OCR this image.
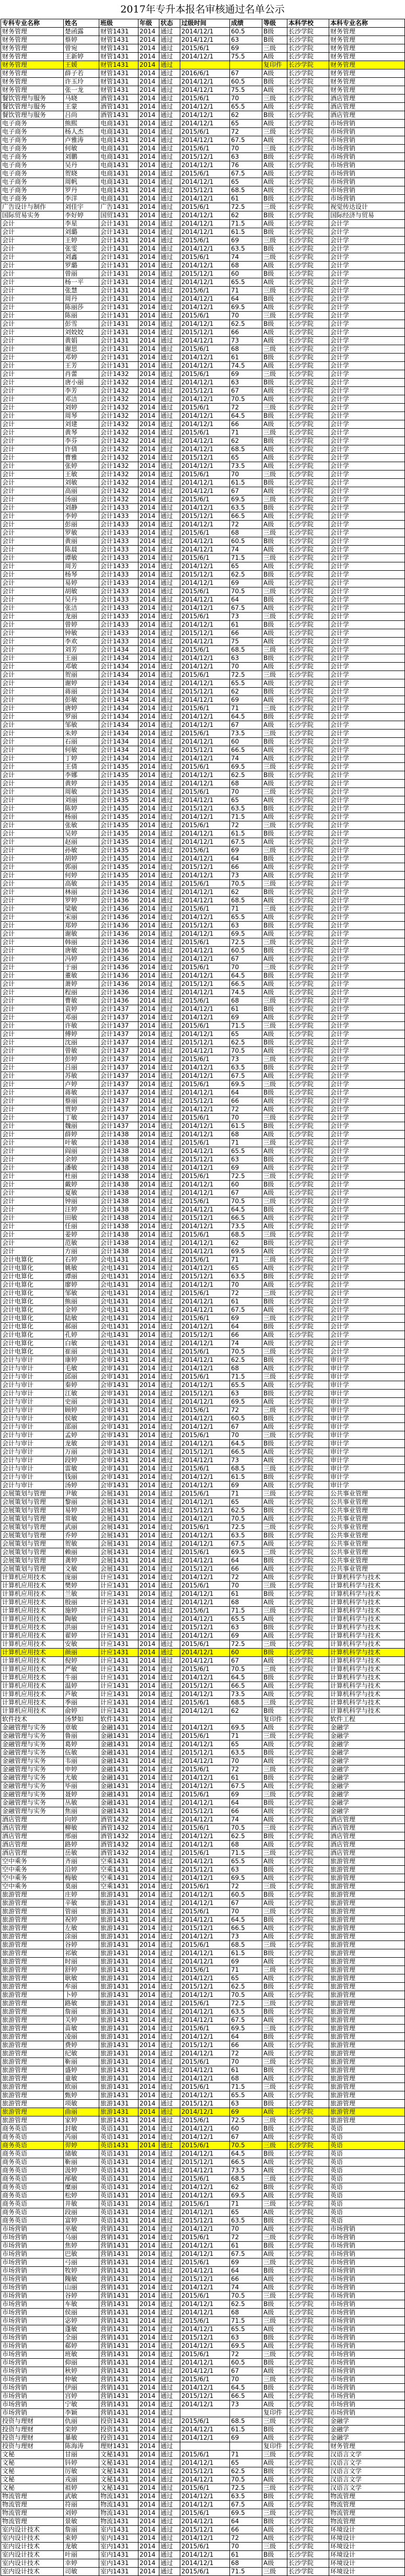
2017年专升本报名审核通过名单公示
专科专业名称	姓名	班级	年级	状态	过级时间	成绩	等级	本科学校	本科专业名称
财务管理	楚函露	财管1431	2014	通过	2014/12/1	60.5	B级	长沙学院	财务管理
财务管理	蔡婷	财管1431	2014	通过	2014/12/1	63	B级	长沙学院	财务管理
财务管理	曾宛	财管1431	2014	通过	2015/6/1	69	三级	长沙学院	财务管理
财务管理	王新婷	财管1431	2014	通过	2014/12/1	75.5	A级	长沙学院	财务管理
财务管理	王媛	财管1431	2014	通过			复印件	长沙学院	财务管理
财务管理	薛子若	财管1431	2014	通过	2016/6/1	67	A级	长沙学院	财务管理
财务管理	许玉玲	财管1431	2014	通过	2014/12/1	60.5	B级	长沙学院	财务管理
财务管理	张一龙	财管1431	2014	通过	2014/12/1	75.5	A级	长沙学院	财务管理
餐饮管理与服务	马晓	酒管1431	2014	通过	2015/6/1	70	三级	长沙学院	酒店管理
餐饮管理与服务	王蒙	酒管1431	2014	通过	2014/12/1	65.5	A级	长沙学院	酒店管理
餐饮管理与服务	吕尚	酒管1431	2014	通过	2014/12/1	62	B级	长沙学院	酒店管理
电子商务	熊熙	电商1431	2014	通过	2014/12/1	65	A级	长沙学院	市场营销
电子商务	杨人杰	电商1431	2014	通过	2015/6/1	72	三级	长沙学院	市场营销
电子商务	卢雅涛	电商1431	2014	通过	2014/12/1	67.5	A级	长沙学院	市场营销
电子商务	何敏	电商1431	2014	通过	2015/6/1	70	三级	长沙学院	市场营销
电子商务	刘鹏	电商1431	2014	通过	2015/12/1	63	B级	长沙学院	市场营销
电子商务	吴丹	电商1431	2014	通过	2014/12/1	76	A级	长沙学院	市场营销
电子商务	贺晓	电商1431	2014	通过	2015/6/1	67.5	A级	长沙学院	市场营销
电子商务	周帆	电商1431	2014	通过	2014/12/1	65	A级	长沙学院	市场营销
电子商务	罗丹	电商1431	2014	通过	2015/12/1	68.5	A级	长沙学院	市场营销
电子商务	李洋	电商1431	2014	通过	2014/12/1	61	B级	长沙学院	市场营销
广告设计与制作	刘佳宇	广告1431	2014	通过	2015/6/1	72.5	三级	长沙学院	视觉传达设计
国际贸易实务	李好婷	国贸1431	2014	通过	2014/12/1	62	B级	长沙学院	国际经济与贸易
会计	李星	会计1431	2014	通过	2014/12/1	71.5	A级	长沙学院	会计学
会计	刘璐	会计1431	2014	通过	2014/12/1	61.5	B级	长沙学院	会计学
会计	王婷	会计1431	2014	通过	2015/6/1	69	三级	长沙学院	会计学
会计	张雯	会计1431	2014	通过	2014/12/1	63.5	B级	长沙学院	会计学
会计	刘鑫	会计1431	2014	通过	2015/6/1	74	三级	长沙学院	会计学
会计	罗璐	会计1431	2014	通过	2014/12/1	68	A级	长沙学院	会计学
会计	曾丽	会计1431	2014	通过	2015/12/1	60	B级	长沙学院	会计学
会计	杨一平	会计1431	2014	通过	2014/12/1	65.5	A级	长沙学院	会计学
会计	张慧	会计1431	2014	通过	2015/6/1	71	三级	长沙学院	会计学
会计	周丹	会计1431	2014	通过	2014/12/1	64	B级	长沙学院	会计学
会计	陈丽莎	会计1431	2014	通过	2014/12/1	69.5	A级	长沙学院	会计学
会计	陈丽	会计1431	2014	通过	2015/6/1	70	三级	长沙学院	会计学
会计	彭雪	会计1431	2014	通过	2014/12/1	62.5	B级	长沙学院	会计学
会计	刘姣姣	会计1431	2014	通过	2015/12/1	66	A级	长沙学院	会计学
会计	黄娟	会计1431	2014	通过	2014/12/1	73	A级	长沙学院	会计学
会计	谢思	会计1431	2014	通过	2015/6/1	68	三级	长沙学院	会计学
会计	邓婷	会计1431	2014	通过	2014/12/1	61	B级	长沙学院	会计学
会计	王芳	会计1431	2014	通过	2014/12/1	74.5	A级	长沙学院	会计学
会计	肖蕾	会计1432	2014	通过	2015/6/1	69	三级	长沙学院	会计学
会计	唐小丽	会计1432	2014	通过	2014/12/1	63	B级	长沙学院	会计学
会计	李芳	会计1432	2014	通过	2015/12/1	67	A级	长沙学院	会计学
会计	邓洁	会计1432	2014	通过	2014/12/1	70.5	A级	长沙学院	会计学
会计	刘婷	会计1432	2014	通过	2015/6/1	72	三级	长沙学院	会计学
会计	周琴	会计1432	2014	通过	2014/12/1	64.5	B级	长沙学院	会计学
会计	刘建	会计1432	2014	通过	2014/12/1	66	A级	长沙学院	会计学
会计	黄琴	会计1432	2014	通过	2015/6/1	71	三级	长沙学院	会计学
会计	李芬	会计1432	2014	通过	2014/12/1	62	B级	长沙学院	会计学
会计	许倩	会计1432	2014	通过	2014/12/1	68.5	A级	长沙学院	会计学
会计	曹雅	会计1432	2014	通过	2015/12/1	65	A级	长沙学院	会计学
会计	张婷	会计1432	2014	通过	2014/12/1	73.5	A级	长沙学院	会计学
会计	王敏	会计1432	2014	通过	2015/6/1	70	三级	长沙学院	会计学
会计	刘敏	会计1432	2014	通过	2014/12/1	61.5	B级	长沙学院	会计学
会计	高丽	会计1432	2014	通过	2014/12/1	67	A级	长沙学院	会计学
会计	汤丽	会计1432	2014	通过	2015/6/1	69.5	三级	长沙学院	会计学
会计	刘静	会计1433	2014	通过	2014/12/1	63.5	B级	长沙学院	会计学
会计	李婷	会计1433	2014	通过	2015/12/1	66.5	A级	长沙学院	会计学
会计	彭丽	会计1433	2014	通过	2014/12/1	72	A级	长沙学院	会计学
会计	罗敏	会计1433	2014	通过	2015/6/1	68	三级	长沙学院	会计学
会计	黄丽	会计1433	2014	通过	2014/12/1	60.5	B级	长沙学院	会计学
会计	陈晨	会计1433	2014	通过	2014/12/1	74	A级	长沙学院	会计学
会计	谭敏	会计1433	2014	通过	2015/6/1	71.5	三级	长沙学院	会计学
会计	周芳	会计1433	2014	通过	2014/12/1	65	A级	长沙学院	会计学
会计	杨琴	会计1433	2014	通过	2015/12/1	62.5	B级	长沙学院	会计学
会计	易婷	会计1433	2014	通过	2014/12/1	69	A级	长沙学院	会计学
会计	胡敏	会计1433	2014	通过	2015/6/1	70.5	三级	长沙学院	会计学
会计	吴丹	会计1433	2014	通过	2014/12/1	64	B级	长沙学院	会计学
会计	张洁	会计1433	2014	通过	2014/12/1	67.5	A级	长沙学院	会计学
会计	龙丽	会计1433	2014	通过	2015/6/1	73	三级	长沙学院	会计学
会计	曾婷	会计1433	2014	通过	2014/12/1	61	B级	长沙学院	会计学
会计	钟敏	会计1433	2014	通过	2015/12/1	66	A级	长沙学院	会计学
会计	李欢	会计1433	2014	通过	2014/12/1	75	A级	长沙学院	会计学
会计	刘芳	会计1434	2014	通过	2015/6/1	68.5	三级	长沙学院	会计学
会计	王丽	会计1434	2014	通过	2014/12/1	63	B级	长沙学院	会计学
会计	邓敏	会计1434	2014	通过	2014/12/1	70	A级	长沙学院	会计学
会计	贺丽	会计1434	2014	通过	2015/6/1	72.5	三级	长沙学院	会计学
会计	谢婷	会计1434	2014	通过	2014/12/1	65.5	A级	长沙学院	会计学
会计	蒋丽	会计1434	2014	通过	2015/12/1	62	B级	长沙学院	会计学
会计	彭敏	会计1434	2014	通过	2014/12/1	69	A级	长沙学院	会计学
会计	唐婷	会计1434	2014	通过	2015/6/1	71	三级	长沙学院	会计学
会计	罗丽	会计1434	2014	通过	2014/12/1	64.5	B级	长沙学院	会计学
会计	邹敏	会计1434	2014	通过	2014/12/1	67	A级	长沙学院	会计学
会计	朱婷	会计1434	2014	通过	2015/6/1	73.5	三级	长沙学院	会计学
会计	石丽	会计1434	2014	通过	2014/12/1	60	B级	长沙学院	会计学
会计	何敏	会计1434	2014	通过	2015/12/1	66.5	A级	长沙学院	会计学
会计	丁婷	会计1434	2014	通过	2014/12/1	74	A级	长沙学院	会计学
会计	王倩	会计1435	2014	通过	2015/6/1	69.5	三级	长沙学院	会计学
会计	李娜	会计1435	2014	通过	2014/12/1	62.5	B级	长沙学院	会计学
会计	黄婷	会计1435	2014	通过	2014/12/1	68	A级	长沙学院	会计学
会计	周敏	会计1435	2014	通过	2015/6/1	70	三级	长沙学院	会计学
会计	刘丽	会计1435	2014	通过	2014/12/1	65	A级	长沙学院	会计学
会计	陈婷	会计1435	2014	通过	2015/12/1	63.5	B级	长沙学院	会计学
会计	杨丽	会计1435	2014	通过	2014/12/1	71.5	A级	长沙学院	会计学
会计	张敏	会计1435	2014	通过	2015/6/1	72	三级	长沙学院	会计学
会计	吴婷	会计1435	2014	通过	2014/12/1	61.5	B级	长沙学院	会计学
会计	赵丽	会计1435	2014	通过	2014/12/1	67.5	A级	长沙学院	会计学
会计	孙敏	会计1435	2014	通过	2015/6/1	69	三级	长沙学院	会计学
会计	胡婷	会计1435	2014	通过	2014/12/1	64	B级	长沙学院	会计学
会计	郭丽	会计1435	2014	通过	2015/12/1	66	A级	长沙学院	会计学
会计	何婷	会计1435	2014	通过	2014/12/1	73	A级	长沙学院	会计学
会计	高敏	会计1435	2014	通过	2015/6/1	70.5	三级	长沙学院	会计学
会计	林丽	会计1436	2014	通过	2014/12/1	62	B级	长沙学院	会计学
会计	罗婷	会计1436	2014	通过	2014/12/1	68.5	A级	长沙学院	会计学
会计	梁敏	会计1436	2014	通过	2015/6/1	71	三级	长沙学院	会计学
会计	宋丽	会计1436	2014	通过	2014/12/1	65.5	A级	长沙学院	会计学
会计	郑婷	会计1436	2014	通过	2015/12/1	63	B级	长沙学院	会计学
会计	谢敏	会计1436	2014	通过	2014/12/1	69.5	A级	长沙学院	会计学
会计	韩丽	会计1436	2014	通过	2015/6/1	72.5	三级	长沙学院	会计学
会计	唐敏	会计1436	2014	通过	2014/12/1	60.5	B级	长沙学院	会计学
会计	冯婷	会计1436	2014	通过	2014/12/1	67	A级	长沙学院	会计学
会计	于丽	会计1436	2014	通过	2015/6/1	70	三级	长沙学院	会计学
会计	董敏	会计1436	2014	通过	2014/12/1	64.5	B级	长沙学院	会计学
会计	萧婷	会计1436	2014	通过	2015/12/1	66.5	A级	长沙学院	会计学
会计	程丽	会计1436	2014	通过	2014/12/1	74.5	A级	长沙学院	会计学
会计	曹敏	会计1436	2014	通过	2015/6/1	68	三级	长沙学院	会计学
会计	袁婷	会计1437	2014	通过	2014/12/1	61	B级	长沙学院	会计学
会计	邓丽	会计1437	2014	通过	2014/12/1	69	A级	长沙学院	会计学
会计	许敏	会计1437	2014	通过	2015/6/1	71.5	三级	长沙学院	会计学
会计	傅婷	会计1437	2014	通过	2014/12/1	65	A级	长沙学院	会计学
会计	沈丽	会计1437	2014	通过	2015/12/1	62.5	B级	长沙学院	会计学
会计	曾敏	会计1437	2014	通过	2014/12/1	70.5	A级	长沙学院	会计学
会计	彭婷	会计1437	2014	通过	2015/6/1	73	三级	长沙学院	会计学
会计	吕丽	会计1437	2014	通过	2014/12/1	63.5	B级	长沙学院	会计学
会计	苏敏	会计1437	2014	通过	2014/12/1	67.5	A级	长沙学院	会计学
会计	卢婷	会计1437	2014	通过	2015/6/1	69.5	三级	长沙学院	会计学
会计	蒋敏	会计1437	2014	通过	2014/12/1	64	B级	长沙学院	会计学
会计	蔡丽	会计1437	2014	通过	2015/12/1	66	A级	长沙学院	会计学
会计	贾婷	会计1437	2014	通过	2014/12/1	72	A级	长沙学院	会计学
会计	丁敏	会计1437	2014	通过	2015/6/1	70	三级	长沙学院	会计学
会计	魏丽	会计1437	2014	通过	2014/12/1	61.5	B级	长沙学院	会计学
会计	薛婷	会计1438	2014	通过	2014/12/1	68	A级	长沙学院	会计学
会计	叶敏	会计1438	2014	通过	2015/6/1	71	三级	长沙学院	会计学
会计	阎丽	会计1438	2014	通过	2014/12/1	65.5	A级	长沙学院	会计学
会计	余婷	会计1438	2014	通过	2015/12/1	63	B级	长沙学院	会计学
会计	潘敏	会计1438	2014	通过	2014/12/1	69	A级	长沙学院	会计学
会计	杜丽	会计1438	2014	通过	2015/6/1	72.5	三级	长沙学院	会计学
会计	戴婷	会计1438	2014	通过	2014/12/1	60	B级	长沙学院	会计学
会计	夏敏	会计1438	2014	通过	2014/12/1	67	A级	长沙学院	会计学
会计	钟丽	会计1438	2014	通过	2015/6/1	70.5	三级	长沙学院	会计学
会计	汪婷	会计1438	2014	通过	2014/12/1	64.5	B级	长沙学院	会计学
会计	田敏	会计1438	2014	通过	2015/12/1	66.5	A级	长沙学院	会计学
会计	任丽	会计1438	2014	通过	2014/12/1	73.5	A级	长沙学院	会计学
会计	姜婷	会计1438	2014	通过	2015/6/1	68.5	三级	长沙学院	会计学
会计	范敏	会计1438	2014	通过	2014/12/1	62	B级	长沙学院	会计学
会计	方丽	会计1438	2014	通过	2014/12/1	69.5	A级	长沙学院	会计学
会计电算化	石婷	会电1431	2014	通过	2015/6/1	71	三级	长沙学院	会计学
会计电算化	姚敏	会电1431	2014	通过	2014/12/1	65	A级	长沙学院	会计学
会计电算化	谭丽	会电1431	2014	通过	2015/12/1	63.5	B级	长沙学院	会计学
会计电算化	廖婷	会电1431	2014	通过	2014/12/1	70	A级	长沙学院	会计学
会计电算化	邹敏	会电1431	2014	通过	2015/6/1	72	三级	长沙学院	会计学
会计电算化	熊丽	会电1431	2014	通过	2014/12/1	61	B级	长沙学院	会计学
会计电算化	金婷	会电1431	2014	通过	2014/12/1	67.5	A级	长沙学院	会计学
会计电算化	陆敏	会电1431	2014	通过	2015/6/1	69	三级	长沙学院	会计学
会计电算化	郝丽	会电1431	2014	通过	2014/12/1	64	B级	长沙学院	会计学
会计电算化	孔婷	会电1431	2014	通过	2015/12/1	66	A级	长沙学院	会计学
会计电算化	白敏	会电1431	2014	通过	2014/12/1	74	A级	长沙学院	会计学
会计电算化	崔丽	会电1431	2014	通过	2015/6/1	70.5	三级	长沙学院	会计学
会计与审计	康婷	会审1431	2014	通过	2014/12/1	62.5	B级	长沙学院	审计学
会计与审计	毛敏	会审1431	2014	通过	2014/12/1	68	A级	长沙学院	审计学
会计与审计	邱丽	会审1431	2014	通过	2015/6/1	71.5	三级	长沙学院	审计学
会计与审计	秦婷	会审1431	2014	通过	2014/12/1	65.5	A级	长沙学院	审计学
会计与审计	江敏	会审1431	2014	通过	2015/12/1	63	B级	长沙学院	审计学
会计与审计	史丽	会审1431	2014	通过	2014/12/1	69.5	A级	长沙学院	审计学
会计与审计	顾婷	会审1431	2014	通过	2015/6/1	72	三级	长沙学院	审计学
会计与审计	侯敏	会审1431	2014	通过	2014/12/1	60.5	B级	长沙学院	审计学
会计与审计	邵丽	会审1431	2014	通过	2014/12/1	67	A级	长沙学院	审计学
会计与审计	孟婷	会审1431	2014	通过	2015/6/1	70	三级	长沙学院	审计学
会计与审计	龙敏	会审1431	2014	通过	2014/12/1	64.5	B级	长沙学院	审计学
会计与审计	万丽	会审1431	2014	通过	2015/12/1	66.5	A级	长沙学院	审计学
会计与审计	段婷	会审1431	2014	通过	2014/12/1	73	A级	长沙学院	审计学
会计与审计	雷敏	会审1431	2014	通过	2015/6/1	68.5	三级	长沙学院	审计学
会计与审计	钱丽	会审1431	2014	通过	2014/12/1	61.5	B级	长沙学院	审计学
会计与审计	汤婷	会审1431	2014	通过	2014/12/1	69	A级	长沙学院	审计学
会展策划与管理	尹敏	会展1431	2014	通过	2015/6/1	71	三级	长沙学院	公共事业管理
会展策划与管理	黎丽	会展1431	2014	通过	2014/12/1	65	A级	长沙学院	公共事业管理
会展策划与管理	易婷	会展1431	2014	通过	2015/12/1	62.5	B级	长沙学院	公共事业管理
会展策划与管理	常敏	会展1431	2014	通过	2014/12/1	70.5	A级	长沙学院	公共事业管理
会展策划与管理	武丽	会展1431	2014	通过	2015/6/1	72.5	三级	长沙学院	公共事业管理
会展策划与管理	乔婷	会展1431	2014	通过	2014/12/1	63.5	B级	长沙学院	公共事业管理
会展策划与管理	贺敏	会展1431	2014	通过	2014/12/1	67.5	A级	长沙学院	公共事业管理
会展策划与管理	赖丽	会展1431	2014	通过	2015/6/1	69.5	三级	长沙学院	公共事业管理
会展策划与管理	龚婷	会展1431	2014	通过	2014/12/1	64	B级	长沙学院	公共事业管理
会展策划与管理	文敏	会展1431	2014	通过	2015/12/1	66	A级	长沙学院	公共事业管理
计算机应用技术	庞丽	计应1431	2014	通过	2014/12/1	72	A级	长沙学院	计算机科学与技术
计算机应用技术	樊婷	计应1431	2014	通过	2015/6/1	70	三级	长沙学院	计算机科学与技术
计算机应用技术	兰敏	计应1431	2014	通过	2014/12/1	61	B级	长沙学院	计算机科学与技术
计算机应用技术	殷丽	计应1431	2014	通过	2014/12/1	68	A级	长沙学院	计算机科学与技术
计算机应用技术	施婷	计应1431	2014	通过	2015/6/1	71.5	三级	长沙学院	计算机科学与技术
计算机应用技术	陶敏	计应1431	2014	通过	2014/12/1	65.5	A级	长沙学院	计算机科学与技术
计算机应用技术	洪丽	计应1431	2014	通过	2015/12/1	63	B级	长沙学院	计算机科学与技术
计算机应用技术	翟婷	计应1431	2014	通过	2014/12/1	69	A级	长沙学院	计算机科学与技术
计算机应用技术	安敏	计应1431	2014	通过	2015/6/1	72.5	三级	长沙学院	计算机科学与技术
计算机应用技术	颜丽	计应1431	2014	通过	2014/12/1	60	B级	长沙学院	计算机科学与技术
计算机应用技术	倪婷	计应1431	2014	通过	2014/12/1	67	A级	长沙学院	计算机科学与技术
计算机应用技术	严敏	计应1431	2014	通过	2015/6/1	70.5	三级	长沙学院	计算机科学与技术
计算机应用技术	牛丽	计应1431	2014	通过	2014/12/1	64.5	B级	长沙学院	计算机科学与技术
计算机应用技术	温婷	计应1431	2014	通过	2015/12/1	66.5	A级	长沙学院	计算机科学与技术
计算机应用技术	芦敏	计应1431	2014	通过	2014/12/1	73.5	A级	长沙学院	计算机科学与技术
计算机应用技术	季丽	计应1431	2014	通过	2015/6/1	68.5	三级	长沙学院	计算机科学与技术
计算机应用技术	俞婷	计应1431	2014	通过	2014/12/1	62	B级	长沙学院	计算机科学与技术
软件技术	汤梦如	软件1431	2014	通过			复印件	长沙学院	软件工程
金融管理与实务	章敏	金融1431	2014	通过	2014/12/1	69.5	A级	长沙学院	金融学
金融管理与实务	鲁丽	金融1431	2014	通过	2015/6/1	71	三级	长沙学院	金融学
金融管理与实务	葛婷	金融1431	2014	通过	2014/12/1	65	A级	长沙学院	金融学
金融管理与实务	伍敏	金融1431	2014	通过	2015/12/1	63.5	B级	长沙学院	金融学
金融管理与实务	韦丽	金融1431	2014	通过	2014/12/1	70	A级	长沙学院	金融学
金融管理与实务	申婷	金融1431	2014	通过	2015/6/1	72	三级	长沙学院	金融学
金融管理与实务	尤敏	金融1431	2014	通过	2014/12/1	61	B级	长沙学院	金融学
金融管理与实务	毕丽	金融1431	2014	通过	2014/12/1	67.5	A级	长沙学院	金融学
金融管理与实务	聂婷	金融1431	2014	通过	2015/6/1	69	三级	长沙学院	金融学
金融管理与实务	丛敏	金融1431	2014	通过	2014/12/1	64	B级	长沙学院	金融学
金融管理与实务	焦丽	金融1431	2014	通过	2015/12/1	66	A级	长沙学院	金融学
酒店管理	向婷	酒管1432	2014	通过	2014/12/1	74	A级	长沙学院	酒店管理
酒店管理	柳敏	酒管1432	2014	通过	2015/6/1	70.5	三级	长沙学院	酒店管理
酒店管理	邢丽	酒管1432	2014	通过	2014/12/1	62.5	B级	长沙学院	酒店管理
酒店管理	路婷	酒管1432	2014	通过	2014/12/1	68	A级	长沙学院	酒店管理
酒店管理	岳敏	酒管1432	2014	通过	2015/6/1	71.5	三级	长沙学院	酒店管理
空中乘务	齐丽	空乘1431	2014	通过	2014/12/1	65.5	A级	长沙学院	旅游管理
空中乘务	沿婷	空乘1431	2014	通过	2015/12/1	63	B级	长沙学院	旅游管理
空中乘务	梅敏	空乘1431	2014	通过	2014/12/1	69.5	A级	长沙学院	旅游管理
空中乘务	莫丽	空乘1431	2014	通过	2015/6/1	72	三级	长沙学院	旅游管理
旅游管理	庄婷	旅游1431	2014	通过	2014/12/1	60.5	B级	长沙学院	旅游管理
旅游管理	辛敏	旅游1431	2014	通过	2014/12/1	67	A级	长沙学院	旅游管理
旅游管理	管丽	旅游1431	2014	通过	2015/6/1	70	三级	长沙学院	旅游管理
旅游管理	祝婷	旅游1431	2014	通过	2014/12/1	64.5	B级	长沙学院	旅游管理
旅游管理	左敏	旅游1431	2014	通过	2015/12/1	66.5	A级	长沙学院	旅游管理
旅游管理	涂丽	旅游1431	2014	通过	2014/12/1	73	A级	长沙学院	旅游管理
旅游管理	谷婷	旅游1431	2014	通过	2015/6/1	68.5	三级	长沙学院	旅游管理
旅游管理	祁敏	旅游1431	2014	通过	2014/12/1	61.5	B级	长沙学院	旅游管理
旅游管理	时丽	旅游1431	2014	通过	2014/12/1	69	A级	长沙学院	旅游管理
旅游管理	舒婷	旅游1431	2014	通过	2015/6/1	71	三级	长沙学院	旅游管理
旅游管理	耿敏	旅游1431	2014	通过	2014/12/1	65	A级	长沙学院	旅游管理
旅游管理	牟丽	旅游1431	2014	通过	2015/12/1	62.5	B级	长沙学院	旅游管理
旅游管理	卜婷	旅游1431	2014	通过	2014/12/1	70.5	A级	长沙学院	旅游管理
旅游管理	路敏	旅游1431	2014	通过	2015/6/1	72.5	三级	长沙学院	旅游管理
旅游管理	詹丽	旅游1431	2014	通过	2014/12/1	63.5	B级	长沙学院	旅游管理
旅游管理	关婷	旅游1431	2014	通过	2014/12/1	67.5	A级	长沙学院	旅游管理
旅游管理	苗敏	旅游1431	2014	通过	2015/6/1	69.5	三级	长沙学院	旅游管理
旅游管理	凌丽	旅游1431	2014	通过	2014/12/1	64	B级	长沙学院	旅游管理
旅游管理	费婷	旅游1431	2014	通过	2015/12/1	66	A级	长沙学院	旅游管理
旅游管理	纪敏	旅游1431	2014	通过	2014/12/1	72	A级	长沙学院	旅游管理
旅游管理	靳丽	旅游1431	2014	通过	2015/6/1	70	三级	长沙学院	旅游管理
旅游管理	盛婷	旅游1431	2014	通过	2014/12/1	61	B级	长沙学院	旅游管理
旅游管理	童敏	旅游1431	2014	通过	2014/12/1	68	A级	长沙学院	旅游管理
旅游管理	欧丽	旅游1431	2014	通过	2015/6/1	71.5	三级	长沙学院	旅游管理
旅游管理	甄婷	旅游1431	2014	通过	2014/12/1	65.5	A级	长沙学院	旅游管理
旅游管理	项敏	旅游1431	2014	通过	2015/12/1	63	B级	长沙学院	旅游管理
旅游管理	曲丽	旅游1431	2014	通过	2014/12/1	69	A级	长沙学院	旅游管理
旅游管理	家婷	旅游1431	2014	通过	2015/6/1	72.5	三级	长沙学院	旅游管理
商务英语	封敏	英语1431	2014	通过	2014/12/1	60	B级	长沙学院	英语
商务英语	芮丽	英语1431	2014	通过	2014/12/1	67	A级	长沙学院	英语
商务英语	羿婷	英语1431	2014	通过	2015/6/1	70.5	三级	长沙学院	英语
商务英语	储敏	英语1431	2014	通过	2014/12/1	64.5	B级	长沙学院	英语
商务英语	靳丽	英语1431	2014	通过	2015/12/1	66.5	A级	长沙学院	英语
商务英语	汲婷	英语1431	2014	通过	2014/12/1	73.5	A级	长沙学院	英语
商务英语	邴敏	英语1431	2014	通过	2015/6/1	68.5	三级	长沙学院	英语
商务英语	糜丽	英语1431	2014	通过	2014/12/1	62	B级	长沙学院	英语
商务英语	松婷	英语1431	2014	通过	2014/12/1	69.5	A级	长沙学院	英语
商务英语	井敏	英语1431	2014	通过	2015/6/1	71	三级	长沙学院	英语
商务英语	段丽	英语1431	2014	通过	2014/12/1	65	A级	长沙学院	英语
商务英语	富婷	英语1431	2014	通过	2015/12/1	63.5	B级	长沙学院	英语
市场营销	巫敏	营销1431	2014	通过	2014/12/1	70	A级	长沙学院	市场营销
市场营销	乌丽	营销1431	2014	通过	2015/6/1	72	三级	长沙学院	市场营销
市场营销	焦婷	营销1431	2014	通过	2014/12/1	61	B级	长沙学院	市场营销
市场营销	巴敏	营销1431	2014	通过	2014/12/1	67.5	A级	长沙学院	市场营销
市场营销	弓丽	营销1431	2014	通过	2015/6/1	69	三级	长沙学院	市场营销
市场营销	牧婷	营销1431	2014	通过	2014/12/1	64	B级	长沙学院	市场营销
市场营销	隗敏	营销1431	2014	通过	2015/12/1	66	A级	长沙学院	市场营销
市场营销	山丽	营销1431	2014	通过	2014/12/1	74	A级	长沙学院	市场营销
市场营销	谷婷	营销1431	2014	通过	2015/6/1	70.5	三级	长沙学院	市场营销
市场营销	车敏	营销1431	2014	通过	2014/12/1	62.5	B级	长沙学院	市场营销
市场营销	侯丽	营销1431	2014	通过	2014/12/1	68	A级	长沙学院	市场营销
市场营销	宓婷	营销1431	2014	通过	2015/6/1	71.5	三级	长沙学院	市场营销
市场营销	蓬敏	营销1431	2014	通过	2014/12/1	65.5	A级	长沙学院	市场营销
市场营销	全丽	营销1431	2014	通过	2015/12/1	63	B级	长沙学院	市场营销
市场营销	郗婷	营销1431	2014	通过	2014/12/1	69.5	A级	长沙学院	市场营销
市场营销	班敏	营销1431	2014	通过	2015/6/1	72	三级	长沙学院	市场营销
市场营销	仰丽	营销1431	2014	通过	2014/12/1	60.5	B级	长沙学院	市场营销
市场营销	秋婷	营销1431	2014	通过	2014/12/1	67	A级	长沙学院	市场营销
市场营销	仲敏	营销1431	2014	通过	2015/6/1	70	三级	长沙学院	市场营销
市场营销	伊丽	营销1431	2014	通过	2014/12/1	64.5	B级	长沙学院	市场营销
市场营销	宫婷	营销1431	2014	通过	2015/12/1	66.5	A级	长沙学院	市场营销
市场营销	宁敏	营销1431	2014	通过	2014/12/1	73	A级	长沙学院	市场营销
市场营销	李颖	营销1431	2014	通过			复印件	长沙学院	市场营销
投资与理财	仇丽	投资1431	2014	通过	2015/6/1	68.5	三级	长沙学院	金融学
投资与理财	栾婷	投资1431	2014	通过	2014/12/1	61.5	B级	长沙学院	金融学
投资与理财	暴敏	投资1431	2014	通过	2014/12/1	69	A级	长沙学院	金融学
投资与理财	陈海涛	理财1431	2014	通过			复印件	长沙学院	财务管理
文秘	甘丽	文秘1431	2014	通过	2015/6/1	71	三级	长沙学院	汉语言文学
文秘	钭婷	文秘1431	2014	通过	2014/12/1	65	A级	长沙学院	汉语言文学
文秘	厉敏	文秘1431	2014	通过	2015/12/1	62.5	B级	长沙学院	汉语言文学
文秘	戎丽	文秘1431	2014	通过	2014/12/1	70.5	A级	长沙学院	汉语言文学
文秘	祖婷	文秘1431	2014	通过	2015/6/1	72.5	三级	长沙学院	汉语言文学
物流管理	武敏	物流1431	2014	通过	2014/12/1	63.5	B级	长沙学院	物流管理
物流管理	符丽	物流1431	2014	通过	2014/12/1	67.5	A级	长沙学院	物流管理
物流管理	刘婷	物流1431	2014	通过	2015/6/1	69.5	三级	长沙学院	物流管理
物流管理	景敏	物流1431	2014	通过	2014/12/1	64	B级	长沙学院	物流管理
室内设计技术	詹丽	室内1431	2014	通过	2015/12/1	66	A级	长沙学院	环境设计
室内设计技术	束婷	室内1431	2014	通过	2014/12/1	72	A级	长沙学院	环境设计
室内设计技术	龙敏	室内1431	2014	通过	2015/6/1	70	三级	长沙学院	环境设计
室内设计技术	叶丽	室内1431	2014	通过	2014/12/1	61	B级	长沙学院	环境设计
室内设计技术	幸婷	室内1431	2014	通过	2014/12/1	68	A级	长沙学院	环境设计
室内设计技术	司敏	室内1431	2014	通过	2015/6/1	71.5	三级	长沙学院	环境设计
